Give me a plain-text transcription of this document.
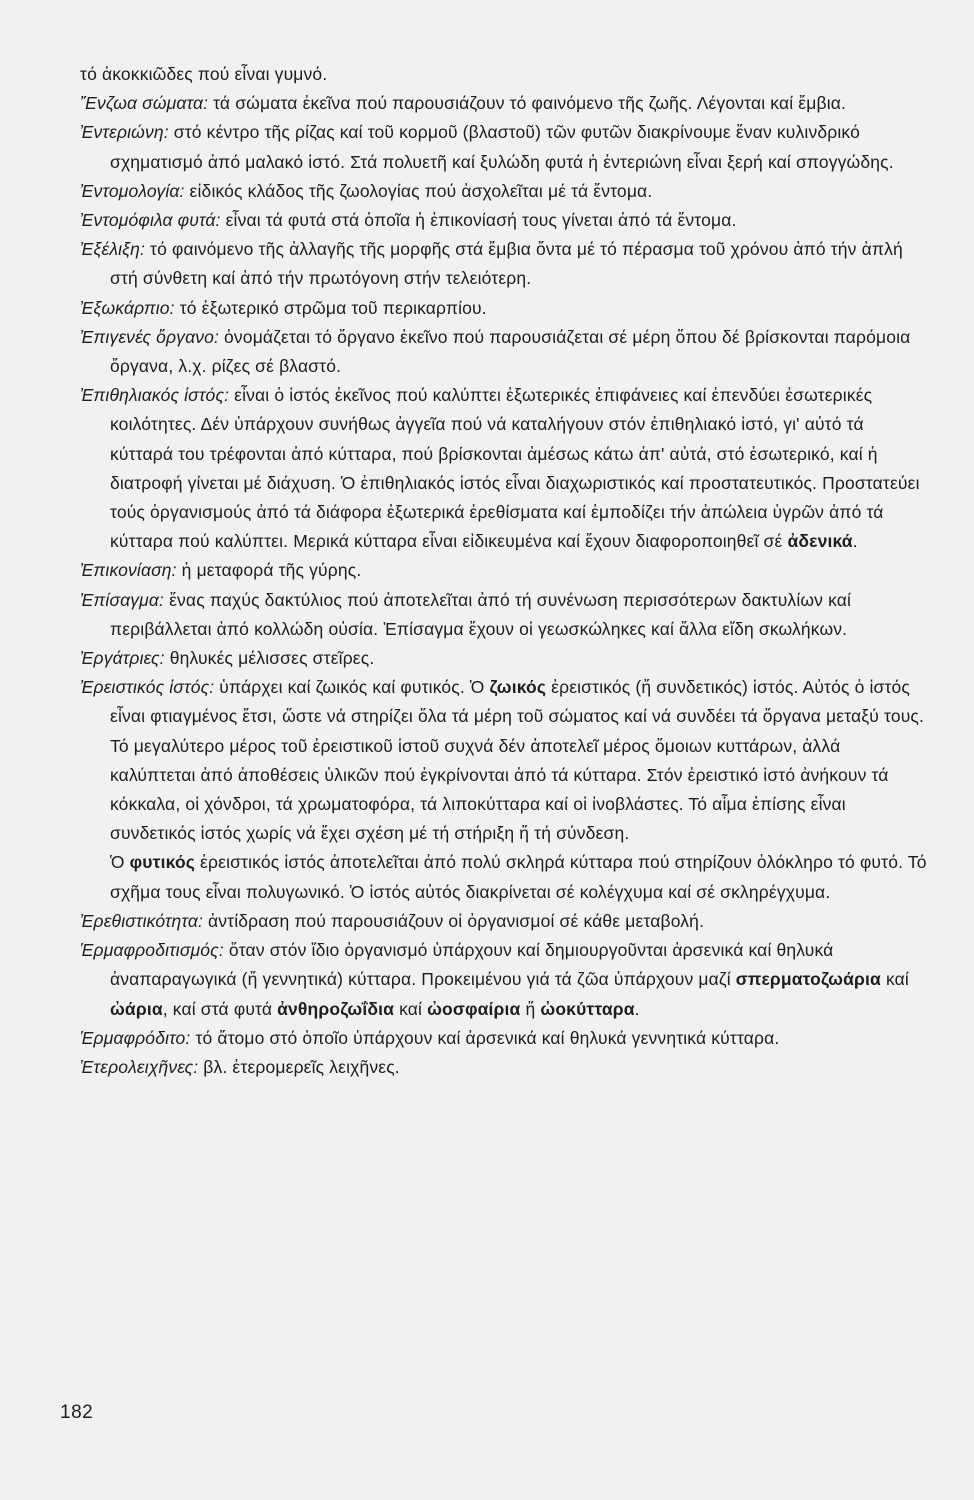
τό ἀκοκκιῶδες πού εἶναι γυμνό.

Ἔνζωα σώματα: τά σώματα ἐκεῖνα πού παρουσιάζουν τό φαινόμενο τῆς ζωῆς. Λέγονται καί ἔμβια.

Ἐντεριώνη: στό κέντρο τῆς ρίζας καί τοῦ κορμοῦ (βλαστοῦ) τῶν φυτῶν διακρίνουμε ἕναν κυλινδρικό σχηματισμό ἀπό μαλακό ἱστό. Στά πολυετῆ καί ξυλώδη φυτά ἡ ἐντεριώνη εἶναι ξερή καί σπογγώδης.

Ἐντομολογία: εἰδικός κλάδος τῆς ζωολογίας πού ἀσχολεῖται μέ τά ἔντομα.

Ἐντομόφιλα φυτά: εἶναι τά φυτά στά ὁποῖα ἡ ἐπικονίασή τους γίνεται ἀπό τά ἔντομα.

Ἐξέλιξη: τό φαινόμενο τῆς ἀλλαγῆς τῆς μορφῆς στά ἔμβια ὄντα μέ τό πέρασμα τοῦ χρόνου ἀπό τήν ἁπλή στή σύνθετη καί ἀπό τήν πρωτόγονη στήν τελειότερη.

Ἐξωκάρπιο: τό ἐξωτερικό στρῶμα τοῦ περικαρπίου.

Ἐπιγενές ὄργανο: ὀνομάζεται τό ὄργανο ἐκεῖνο πού παρουσιάζεται σέ μέρη ὅπου δέ βρίσκονται παρόμοια ὄργανα, λ.χ. ρίζες σέ βλαστό.

Ἐπιθηλιακός ἱστός: εἶναι ὁ ἱστός ἐκεῖνος πού καλύπτει ἐξωτερικές ἐπιφάνειες καί ἐπενδύει ἐσωτερικές κοιλότητες. Δέν ὑπάρχουν συνήθως ἀγγεῖα πού νά καταλήγουν στόν ἐπιθηλιακό ἱστό, γι' αὐτό τά κύτταρά του τρέφονται ἀπό κύτταρα, πού βρίσκονται ἀμέσως κάτω ἀπ' αὐτά, στό ἐσωτερικό, καί ἡ διατροφή γίνεται μέ διάχυση. Ὁ ἐπιθηλιακός ἱστός εἶναι διαχωριστικός καί προστατευτικός. Προστατεύει τούς ὀργανισμούς ἀπό τά διάφορα ἐξωτερικά ἐρεθίσματα καί ἐμποδίζει τήν ἀπώλεια ὑγρῶν ἀπό τά κύτταρα πού καλύπτει. Μερικά κύτταρα εἶναι εἰδικευμένα καί ἔχουν διαφοροποιηθεῖ σέ ἀδενικά.

Ἐπικονίαση: ἡ μεταφορά τῆς γύρης.

Ἐπίσαγμα: ἕνας παχύς δακτύλιος πού ἀποτελεῖται ἀπό τή συνένωση περισσότερων δακτυλίων καί περιβάλλεται ἀπό κολλώδη οὐσία. Ἐπίσαγμα ἔχουν οἱ γεωσκώληκες καί ἄλλα εἴδη σκωλήκων.

Ἐργάτριες: θηλυκές μέλισσες στεῖρες.

Ἐρειστικός ἱστός: ὑπάρχει καί ζωικός καί φυτικός. Ὁ ζωικός ἐρειστικός (ἤ συνδετικός) ἱστός. Αὐτός ὁ ἱστός εἶναι φτιαγμένος ἔτσι, ὥστε νά στηρίζει ὅλα τά μέρη τοῦ σώματος καί νά συνδέει τά ὄργανα μεταξύ τους. Τό μεγαλύτερο μέρος τοῦ ἐρειστικοῦ ἱστοῦ συχνά δέν ἀποτελεῖ μέρος ὅμοιων κυττάρων, ἀλλά καλύπτεται ἀπό ἀποθέσεις ὑλικῶν πού ἐγκρίνονται ἀπό τά κύτταρα. Στόν ἐρειστικό ἱστό ἀνήκουν τά κόκκαλα, οἱ χόνδροι, τά χρωματοφόρα, τά λιποκύτταρα καί οἱ ἰνοβλάστες. Τό αἷμα ἐπίσης εἶναι συνδετικός ἱστός χωρίς νά ἔχει σχέση μέ τή στήριξη ἤ τή σύνδεση.

Ὁ φυτικός ἐρειστικός ἱστός ἀποτελεῖται ἀπό πολύ σκληρά κύτταρα πού στηρίζουν ὁλόκληρο τό φυτό. Τό σχῆμα τους εἶναι πολυγωνικό. Ὁ ἱστός αὐτός διακρίνεται σέ κολέγχυμα καί σέ σκληρέγχυμα.

Ἐρεθιστικότητα: ἀντίδραση πού παρουσιάζουν οἱ ὀργανισμοί σέ κάθε μεταβολή.

Ἑρμαφροδιτισμός: ὅταν στόν ἴδιο ὀργανισμό ὑπάρχουν καί δημιουργοῦνται ἀρσενικά καί θηλυκά ἀναπαραγωγικά (ἤ γεννητικά) κύτταρα. Προκειμένου γιά τά ζῶα ὑπάρχουν μαζί σπερματοζωάρια καί ὠάρια, καί στά φυτά ἀνθηροζωΐδια καί ὠοσφαίρια ἤ ὠοκύτταρα.

Ἑρμαφρόδιτο: τό ἄτομο στό ὁποῖο ὑπάρχουν καί ἀρσενικά καί θηλυκά γεννητικά κύτταρα.

Ἑτερολειχῆνες: βλ. ἑτερομερεῖς λειχῆνες.

182
